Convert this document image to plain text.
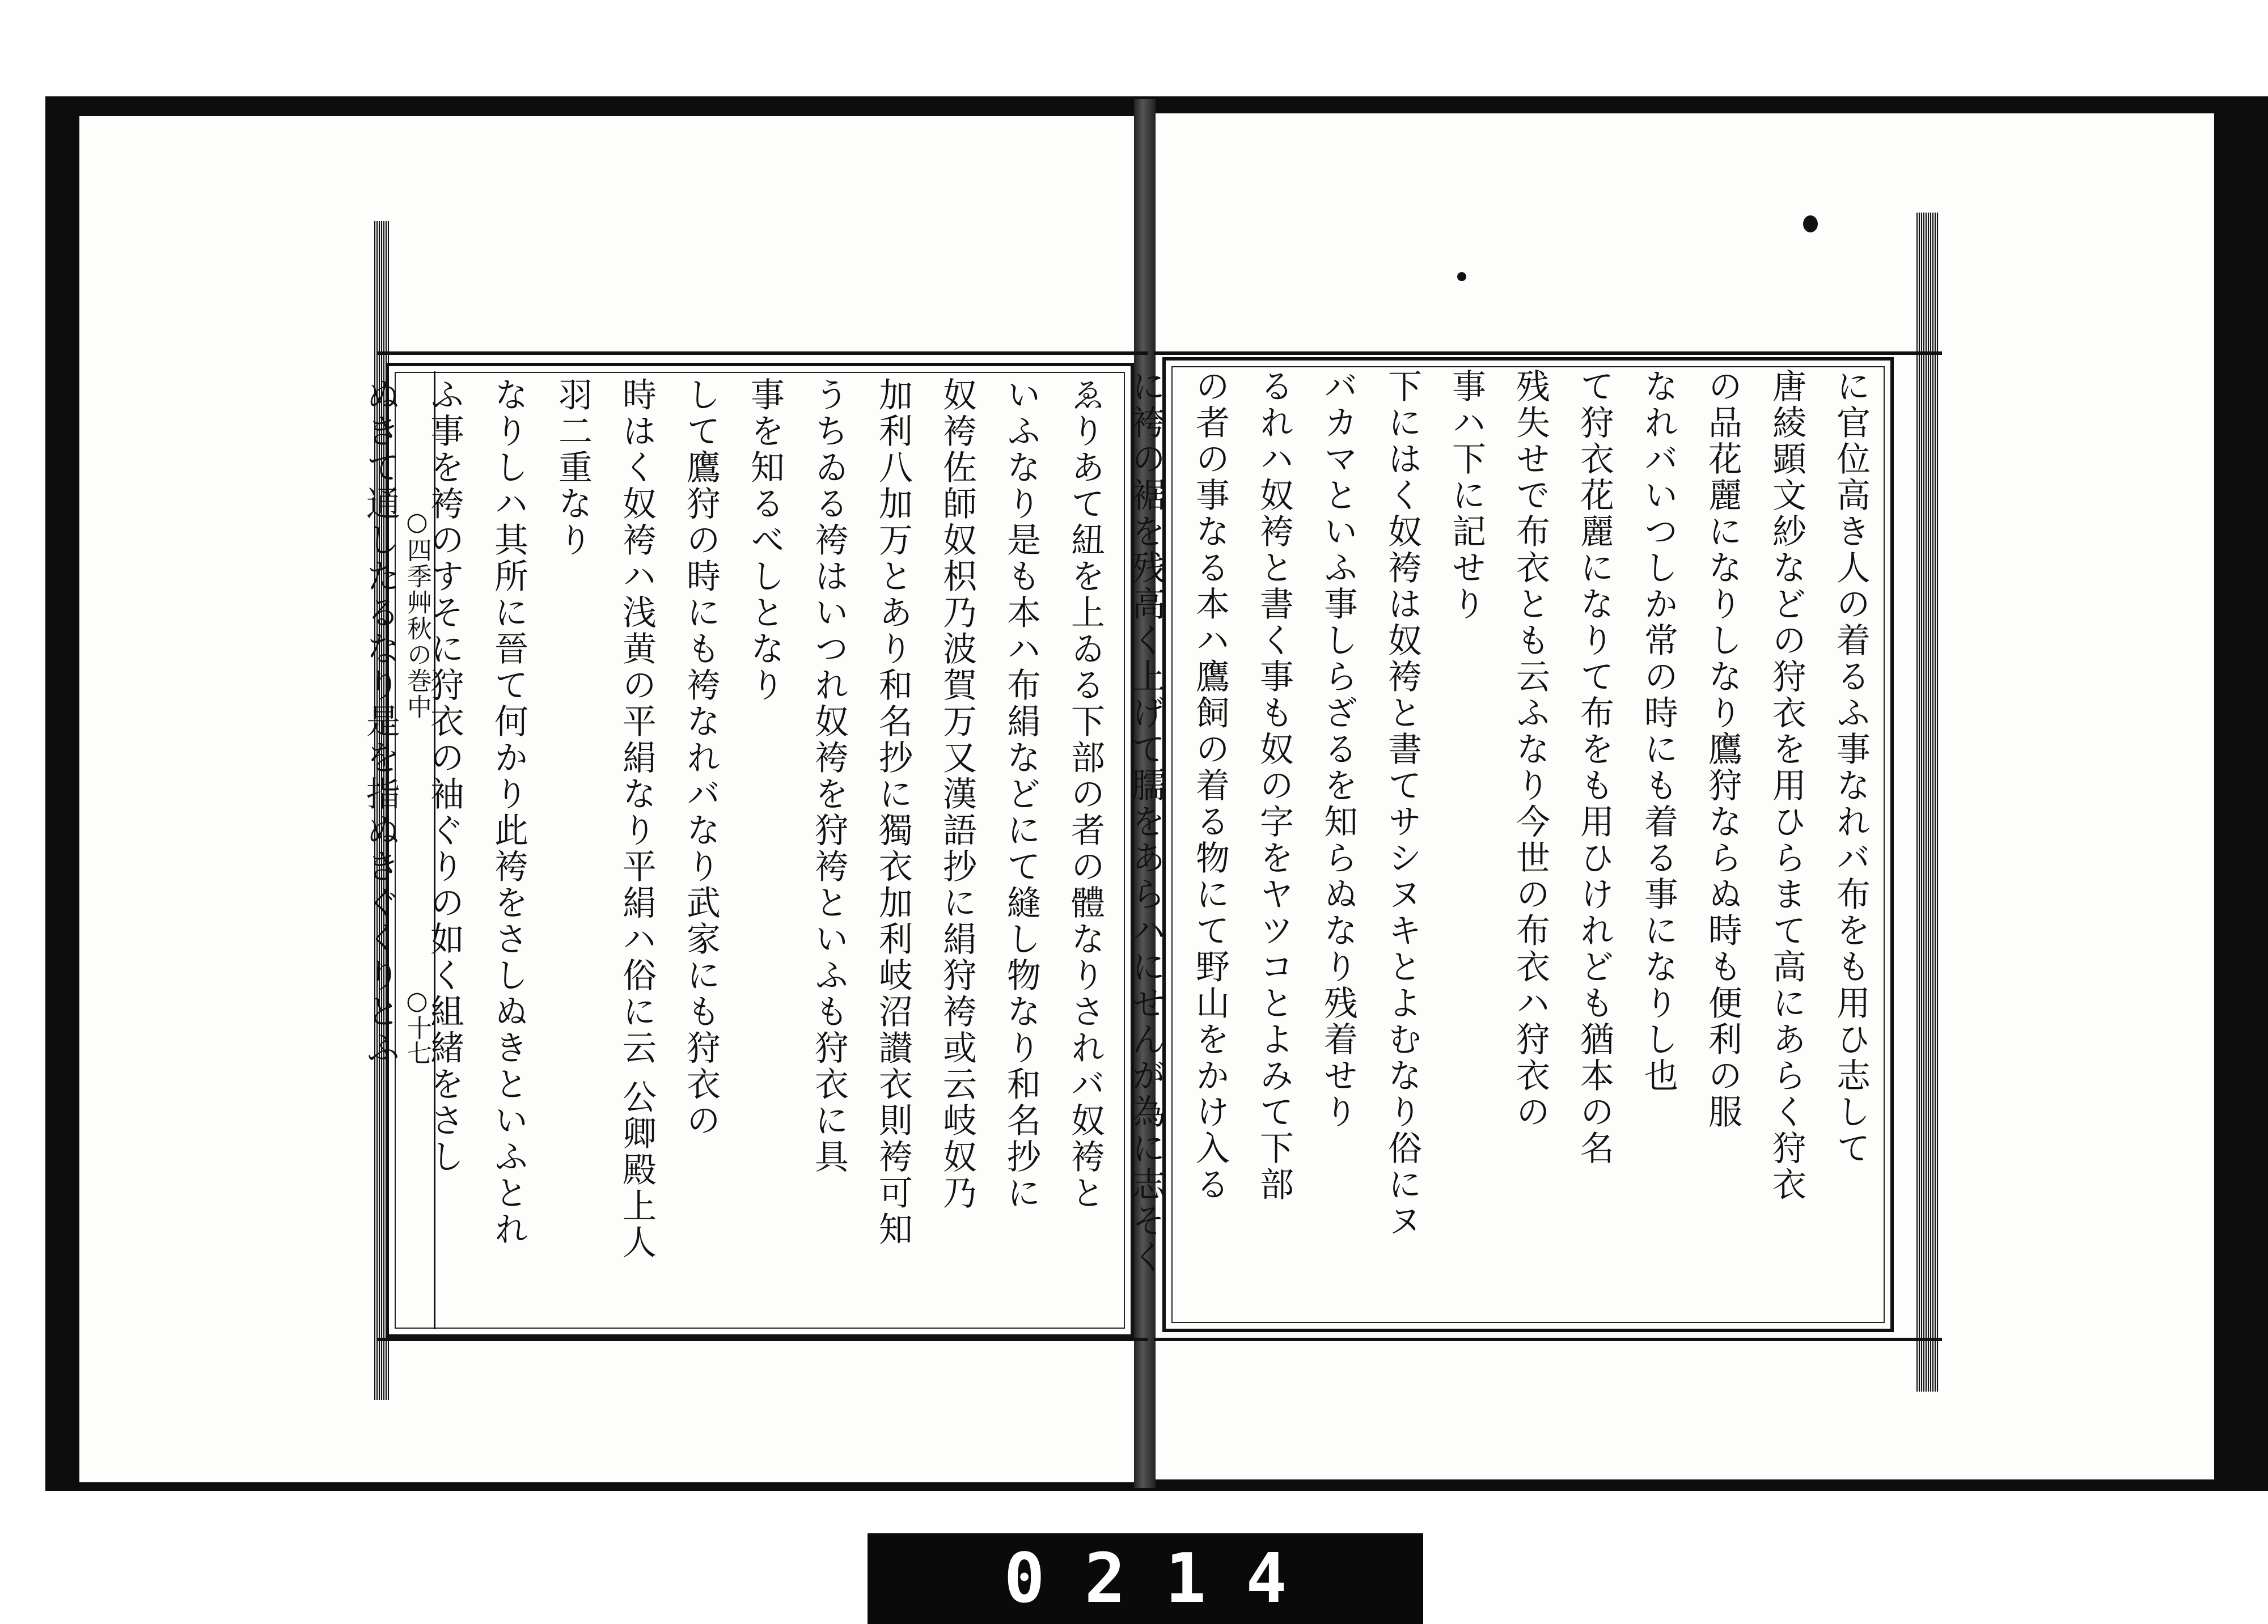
○四季艸秋の巻中
○十七	ゑりあて紐を上ゐる下部の者の體なりされバ奴袴と
いふなり是も本ハ布絹などにて縫し物なり和名抄に
奴袴佐師奴枳乃波賀万又漢語抄に絹狩袴或云岐奴乃
加利八加万とあり和名抄に獨衣加利岐沼讃衣則袴可知
うちゐる袴はいつれ奴袴を狩袴といふも狩衣に具
事を知るべしとなり
して鷹狩の時にも袴なれバなり武家にも狩衣の
時はく奴袴ハ浅黄の平絹なり平絹ハ俗に云 公卿殿上人
羽二重なり
なりしハ其所に晉て何かり此袴をさしぬきといふとれ
ふ事を袴のすそに狩衣の袖ぐりの如く組緒をさし
ぬきて通したるなり是を指ぬきぐくりとふ	に官位高き人の着るふ事なれバ布をも用ひ志して
唐綾顕文紗などの狩衣を用ひらまて高にあらく狩衣
の品花麗になりしなり鷹狩ならぬ時も便利の服
なれバいつしか常の時にも着る事になりし也
て狩衣花麗になりて布をも用ひけれども猶本の名
残失せで布衣とも云ふなり今世の布衣ハ狩衣の
事ハ下に記せり
下にはく奴袴は奴袴と書てサシヌキとよむなり俗にヌ
バカマといふ事しらざるを知らぬなり残着せり
るれハ奴袴と書く事も奴の字をヤツコとよみて下部
の者の事なる本ハ鷹飼の着る物にて野山をかけ入る
に袴の裾を残高く上げて臑をあらハにせんが為に志そく
0214
